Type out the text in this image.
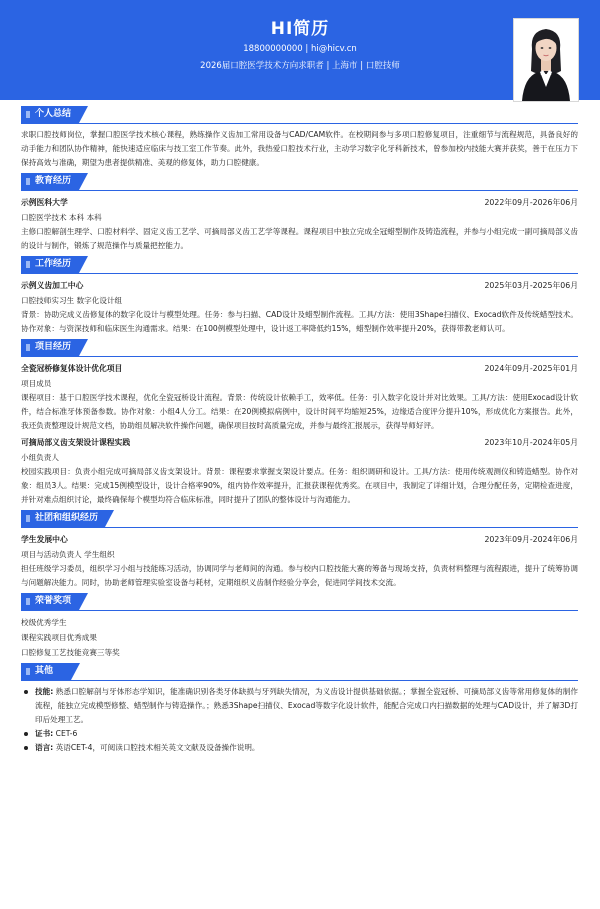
HI简历
18800000000 | hi@hicv.cn
2026届口腔医学技术方向求职者 | 上海市 | 口腔技师
个人总结
求职口腔技师岗位，掌握口腔医学技术核心课程，熟练操作义齿加工常用设备与CAD/CAM软件。在校期间参与多项口腔修复项目，注重细节与流程规范，具备良好的动手能力和团队协作精神，能快速适应临床与技工室工作节奏。此外，我热爱口腔技术行业，主动学习数字化牙科新技术，曾参加校内技能大赛并获奖，善于在压力下保持高效与准确，期望为患者提供精准、美观的修复体，助力口腔健康。
教育经历
示例医科大学	2022年09月-2026年06月
口腔医学技术 本科 本科
主修口腔解剖生理学、口腔材料学、固定义齿工艺学、可摘局部义齿工艺学等课程。课程项目中独立完成全冠蜡型制作及铸造流程，并参与小组完成一副可摘局部义齿的设计与制作，锻炼了规范操作与质量把控能力。
工作经历
示例义齿加工中心	2025年03月-2025年06月
口腔技师实习生 数字化设计组
背景：协助完成义齿修复体的数字化设计与模型处理。任务：参与扫描、CAD设计及蜡型制作流程。工具/方法：使用3Shape扫描仪、Exocad软件及传统蜡型技术。协作对象：与资深技师和临床医生沟通需求。结果：在100例模型处理中，设计返工率降低约15%，蜡型制作效率提升20%，获得带教老师认可。
项目经历
全瓷冠桥修复体设计优化项目	2024年09月-2025年01月
项目成员
课程项目：基于口腔医学技术课程，优化全瓷冠桥设计流程。背景：传统设计依赖手工，效率低。任务：引入数字化设计并对比效果。工具/方法：使用Exocad设计软件，结合标准牙体预备参数。协作对象：小组4人分工。结果：在20例模拟病例中，设计时间平均缩短25%，边缘适合度评分提升10%，形成优化方案报告。此外，我还负责整理设计规范文档，协助组员解决软件操作问题，确保项目按时高质量完成，并参与最终汇报展示，获得导师好评。
可摘局部义齿支架设计课程实践	2023年10月-2024年05月
小组负责人
校园实践项目：负责小组完成可摘局部义齿支架设计。背景：课程要求掌握支架设计要点。任务：组织调研和设计。工具/方法：使用传统观测仪和铸造蜡型。协作对象：组员3人。结果：完成15例模型设计，设计合格率90%，组内协作效率提升，汇报获课程优秀奖。在项目中，我制定了详细计划，合理分配任务，定期检查进度，并针对难点组织讨论，最终确保每个模型均符合临床标准，同时提升了团队的整体设计与沟通能力。
社团和组织经历
学生发展中心	2023年09月-2024年06月
项目与活动负责人 学生组织
担任班级学习委员，组织学习小组与技能练习活动，协调同学与老师间的沟通。参与校内口腔技能大赛的筹备与现场支持，负责材料整理与流程跟进，提升了统筹协调与问题解决能力。同时，协助老师管理实验室设备与耗材，定期组织义齿制作经验分享会，促进同学间技术交流。
荣誉奖项
校级优秀学生
课程实践项目优秀成果
口腔修复工艺技能竞赛三等奖
其他
技能: 熟悉口腔解剖与牙体形态学知识，能准确识别各类牙体缺损与牙列缺失情况，为义齿设计提供基础依据。；掌握全瓷冠桥、可摘局部义齿等常用修复体的制作流程，能独立完成模型修整、蜡型制作与铸造操作。；熟悉3Shape扫描仪、Exocad等数字化设计软件，能配合完成口内扫描数据的处理与CAD设计，并了解3D打印后处理工艺。
证书: CET-6
语言: 英语CET-4，可阅读口腔技术相关英文文献及设备操作说明。
